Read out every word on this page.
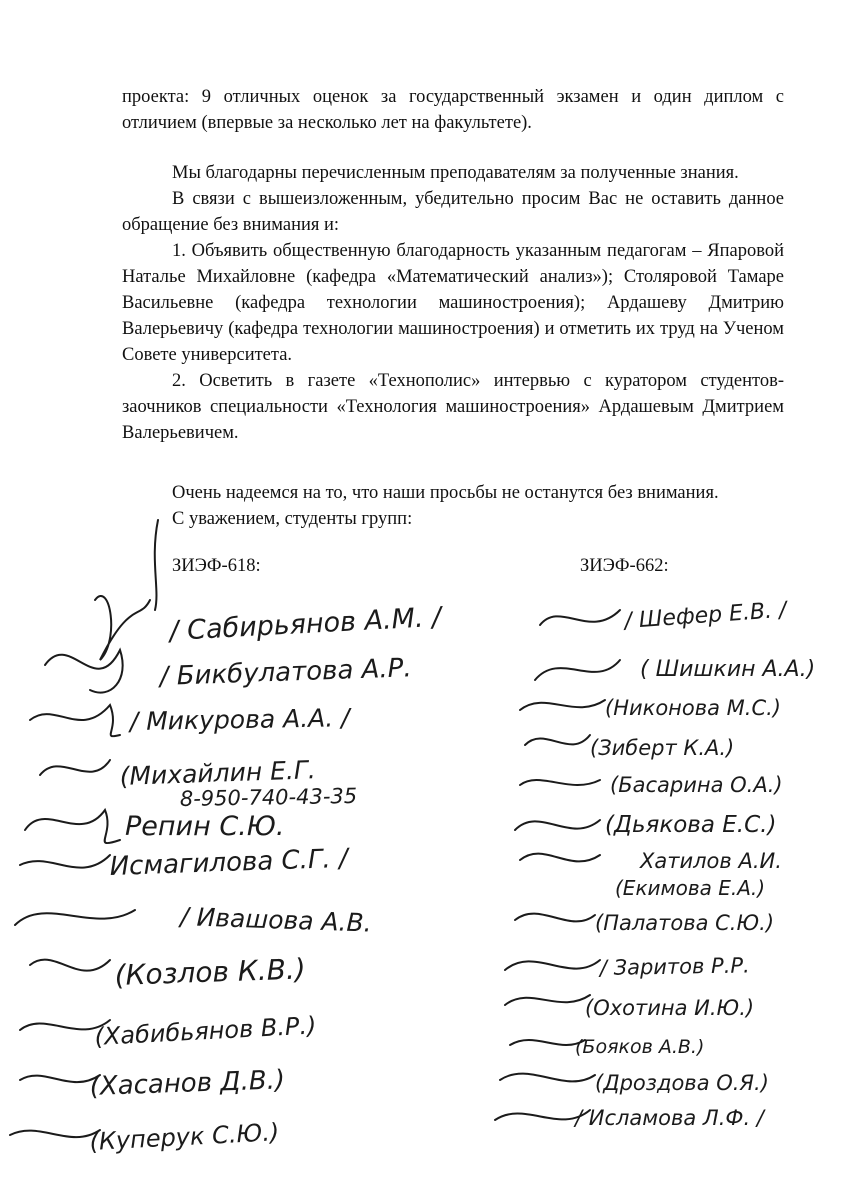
проекта: 9 отличных оценок за государственный экзамен и один диплом с отличием (впервые за несколько лет на факультете).

Мы благодарны перечисленным преподавателям за полученные знания.

В связи с вышеизложенным, убедительно просим Вас не оставить данное обращение без внимания и:

1. Объявить общественную благодарность указанным педагогам – Япаровой Наталье Михайловне (кафедра «Математический анализ»); Столяровой Тамаре Васильевне (кафедра технологии машиностроения); Ардашеву Дмитрию Валерьевичу (кафедра технологии машиностроения) и отметить их труд на Ученом Совете университета.

2. Осветить в газете «Технополис» интервью с куратором студентов-заочников специальности «Технология машиностроения» Ардашевым Дмитрием Валерьевичем.

Очень надеемся на то, что наши просьбы не останутся без внимания.

С уважением, студенты групп:

ЗИЭФ-618:	ЗИЭФ-662:
/ Сабирьянов А.М. /
/ Бикбулатова А.Р.
/ Микурова А.А. /
(Михайлин Е.Г.
8-950-740-43-35
Репин С.Ю.
Исмагилова С.Г. /
/ Ивашова А.В.
(Козлов К.В.)
(Хабибьянов В.Р.)
(Хасанов Д.В.)
(Куперук С.Ю.)
/ Шефер Е.В. /
( Шишкин А.А.)
(Никонова М.С.)
(Зиберт К.А.)
(Басарина О.А.)
(Дьякова Е.С.)
Хатилов А.И.
(Екимова Е.А.)
(Палатова С.Ю.)
/ Заритов Р.Р.
(Охотина И.Ю.)
(Бояков А.В.)
(Дроздова О.Я.)
/ Исламова Л.Ф. /
